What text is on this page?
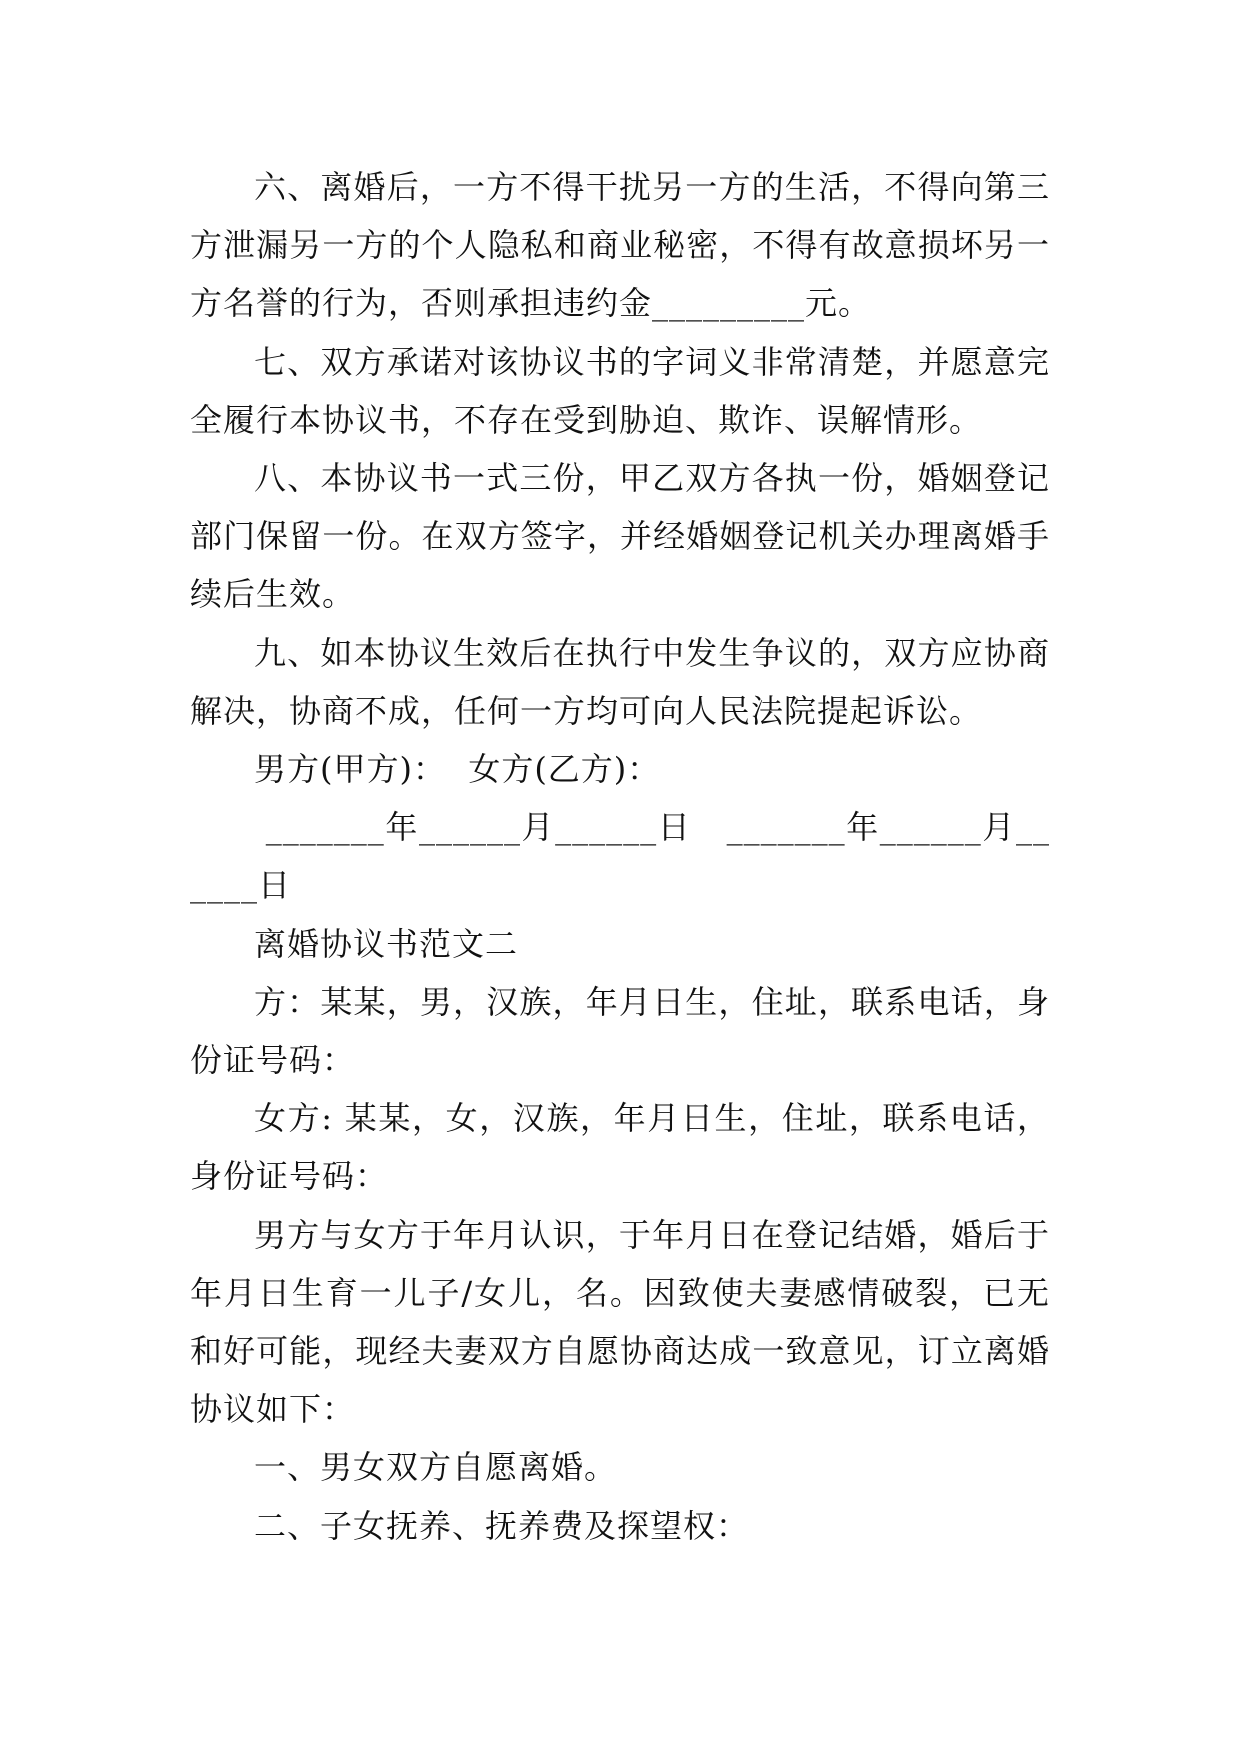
六、离婚后，一方不得干扰另一方的生活，不得向第三方泄漏另一方的个人隐私和商业秘密，不得有故意损坏另一方名誉的行为，否则承担违约金_________元。

七、双方承诺对该协议书的字词义非常清楚，并愿意完全履行本协议书，不存在受到胁迫、欺诈、误解情形。

八、本协议书一式三份，甲乙双方各执一份，婚姻登记部门保留一份。在双方签字，并经婚姻登记机关办理离婚手续后生效。

九、如本协议生效后在执行中发生争议的，双方应协商解决，协商不成，任何一方均可向人民法院提起诉讼。

男方(甲方)：  女方(乙方)：

_______年______月______日   _______年______月______日

离婚协议书范文二

方：某某，男，汉族，年月日生，住址，联系电话，身份证号码：

女方: 某某，女，汉族，年月日生，住址，联系电话，身份证号码：

男方与女方于年月认识，于年月日在登记结婚，婚后于年月日生育一儿子/女儿，名。因致使夫妻感情破裂，已无和好可能，现经夫妻双方自愿协商达成一致意见，订立离婚协议如下：

一、男女双方自愿离婚。

二、子女抚养、抚养费及探望权：
